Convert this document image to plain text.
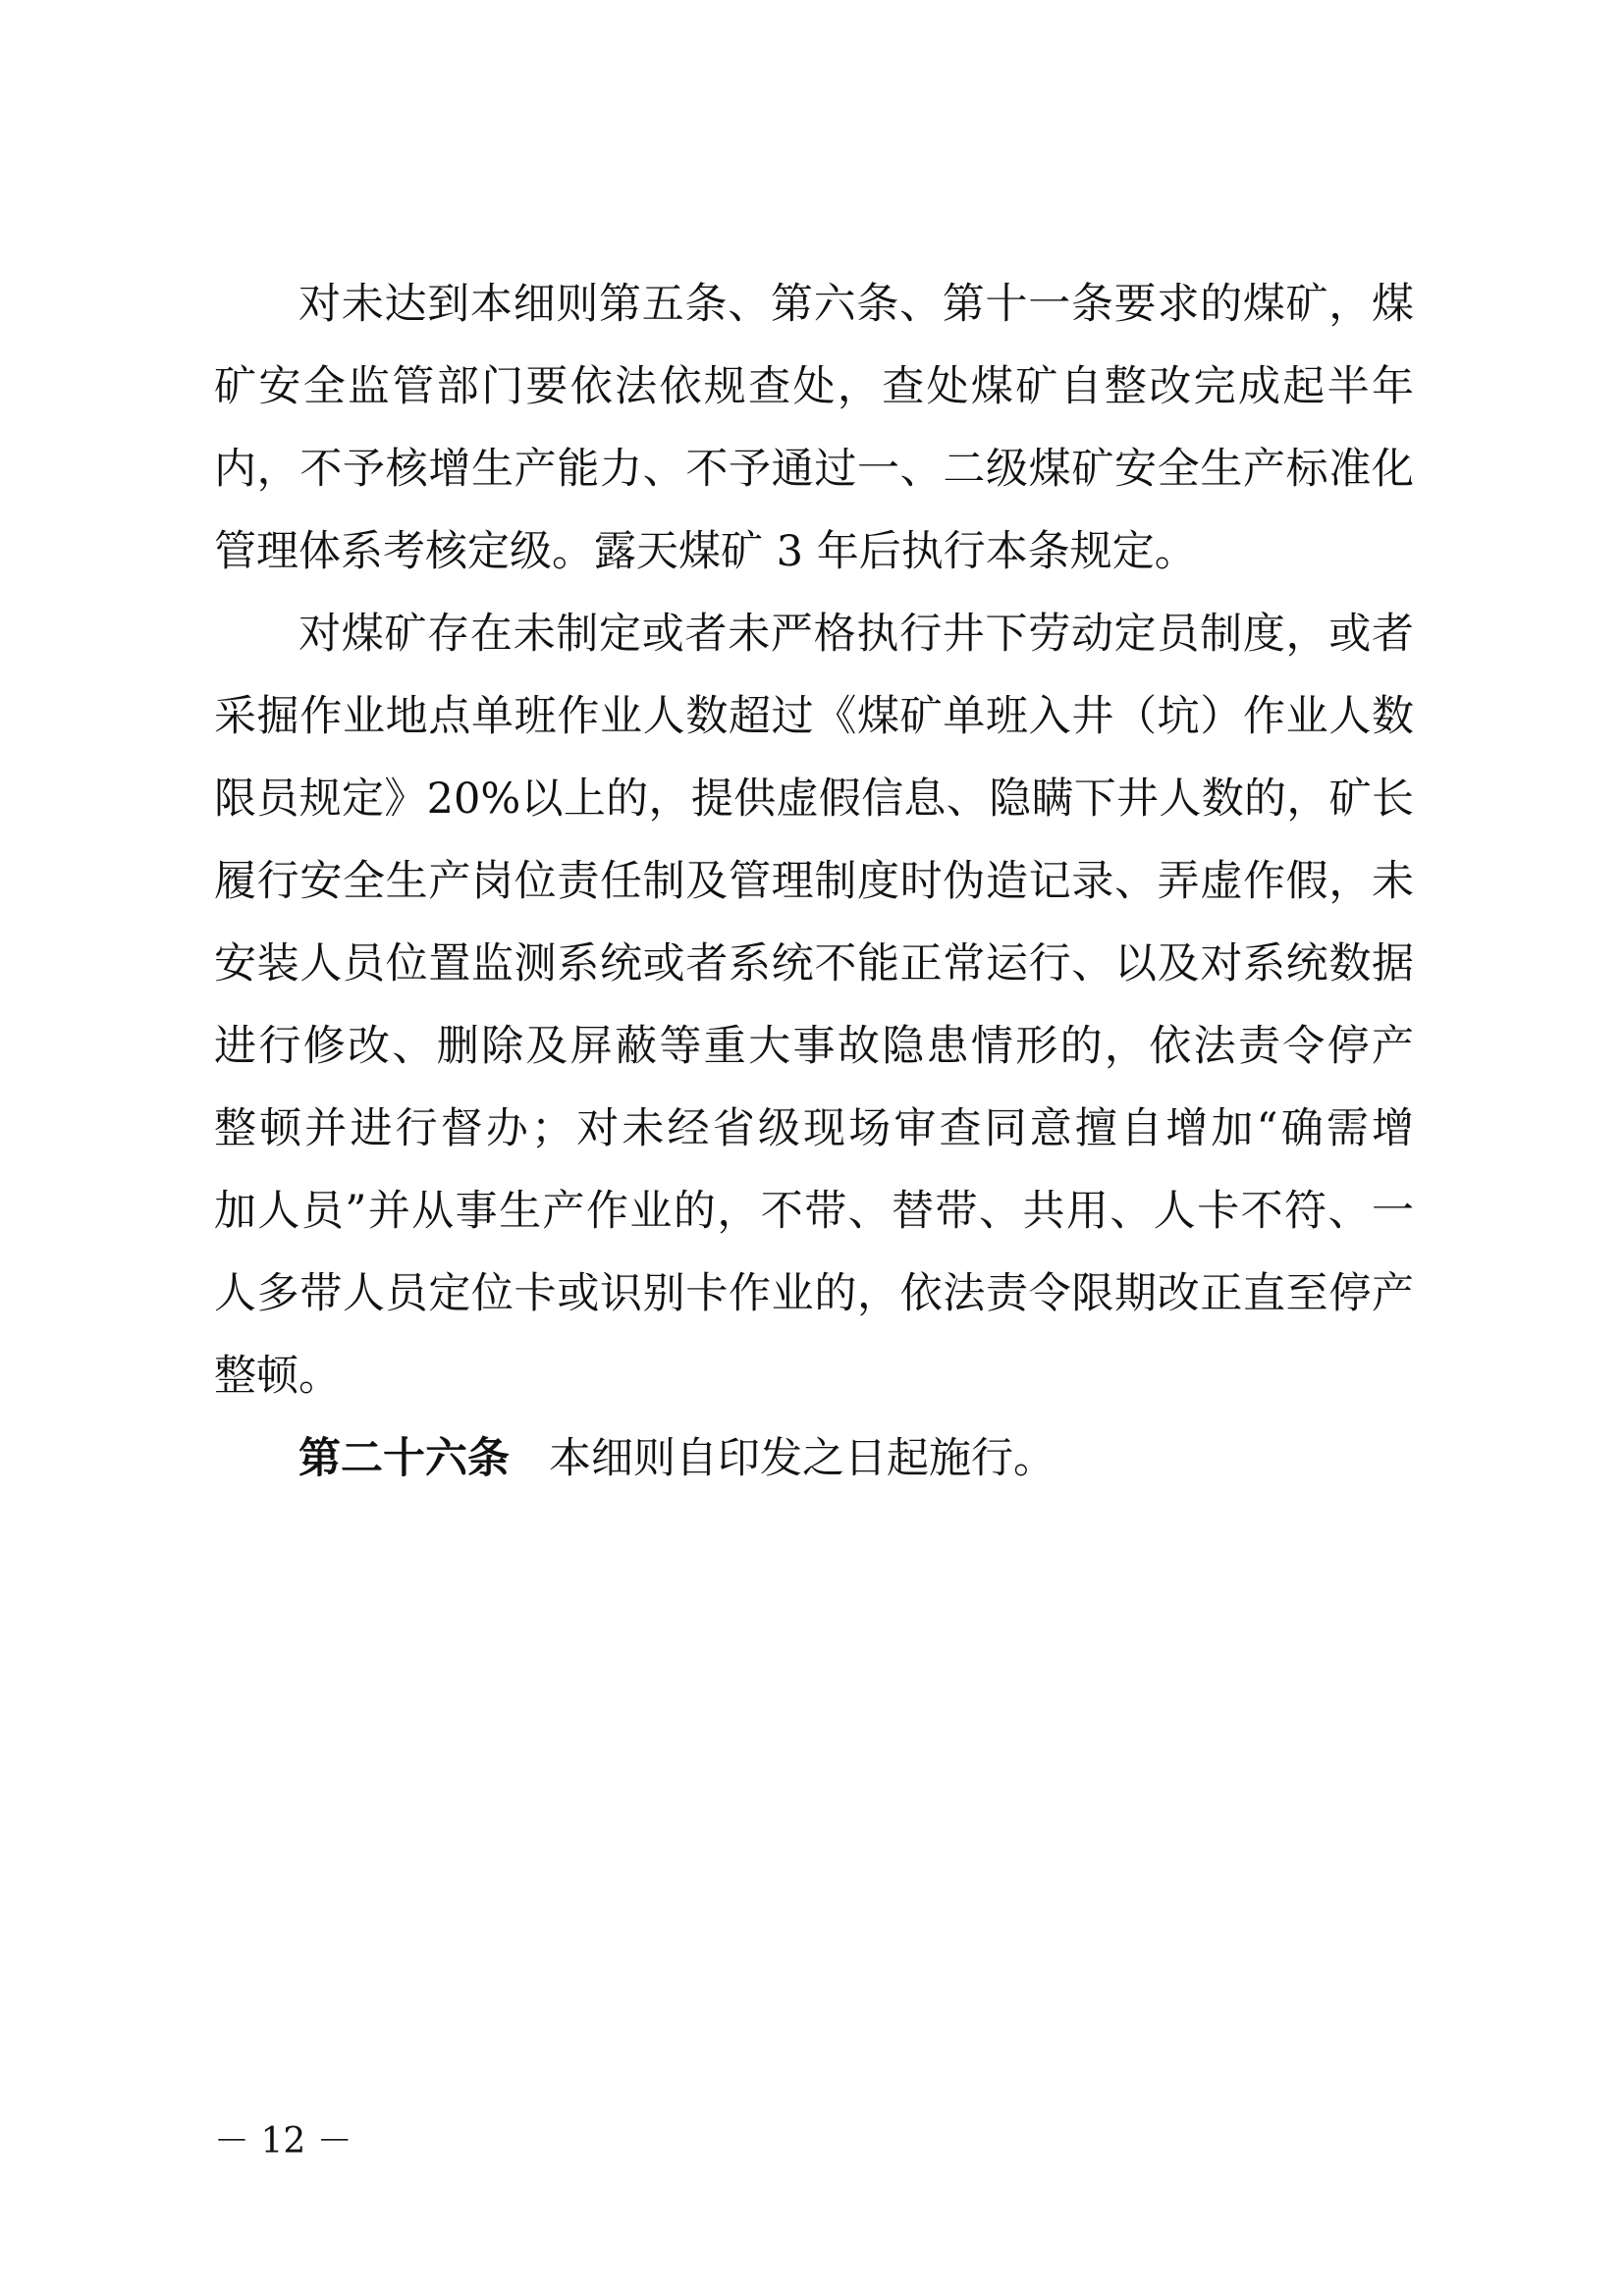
对未达到本细则第五条、第六条、第十一条要求的煤矿，煤
矿安全监管部门要依法依规查处，查处煤矿自整改完成起半年
内，不予核增生产能力、不予通过一、二级煤矿安全生产标准化
管理体系考核定级。露天煤矿 3 年后执行本条规定。
对煤矿存在未制定或者未严格执行井下劳动定员制度，或者
采掘作业地点单班作业人数超过《煤矿单班入井（坑）作业人数
限员规定》20%以上的，提供虚假信息、隐瞒下井人数的，矿长
履行安全生产岗位责任制及管理制度时伪造记录、弄虚作假，未
安装人员位置监测系统或者系统不能正常运行、以及对系统数据
进行修改、删除及屏蔽等重大事故隐患情形的，依法责令停产
整顿并进行督办；对未经省级现场审查同意擅自增加“确需增
加人员”并从事生产作业的，不带、替带、共用、人卡不符、一
人多带人员定位卡或识别卡作业的，依法责令限期改正直至停产
整顿。
第二十六条 本细则自印发之日起施行。
－ 12 －
